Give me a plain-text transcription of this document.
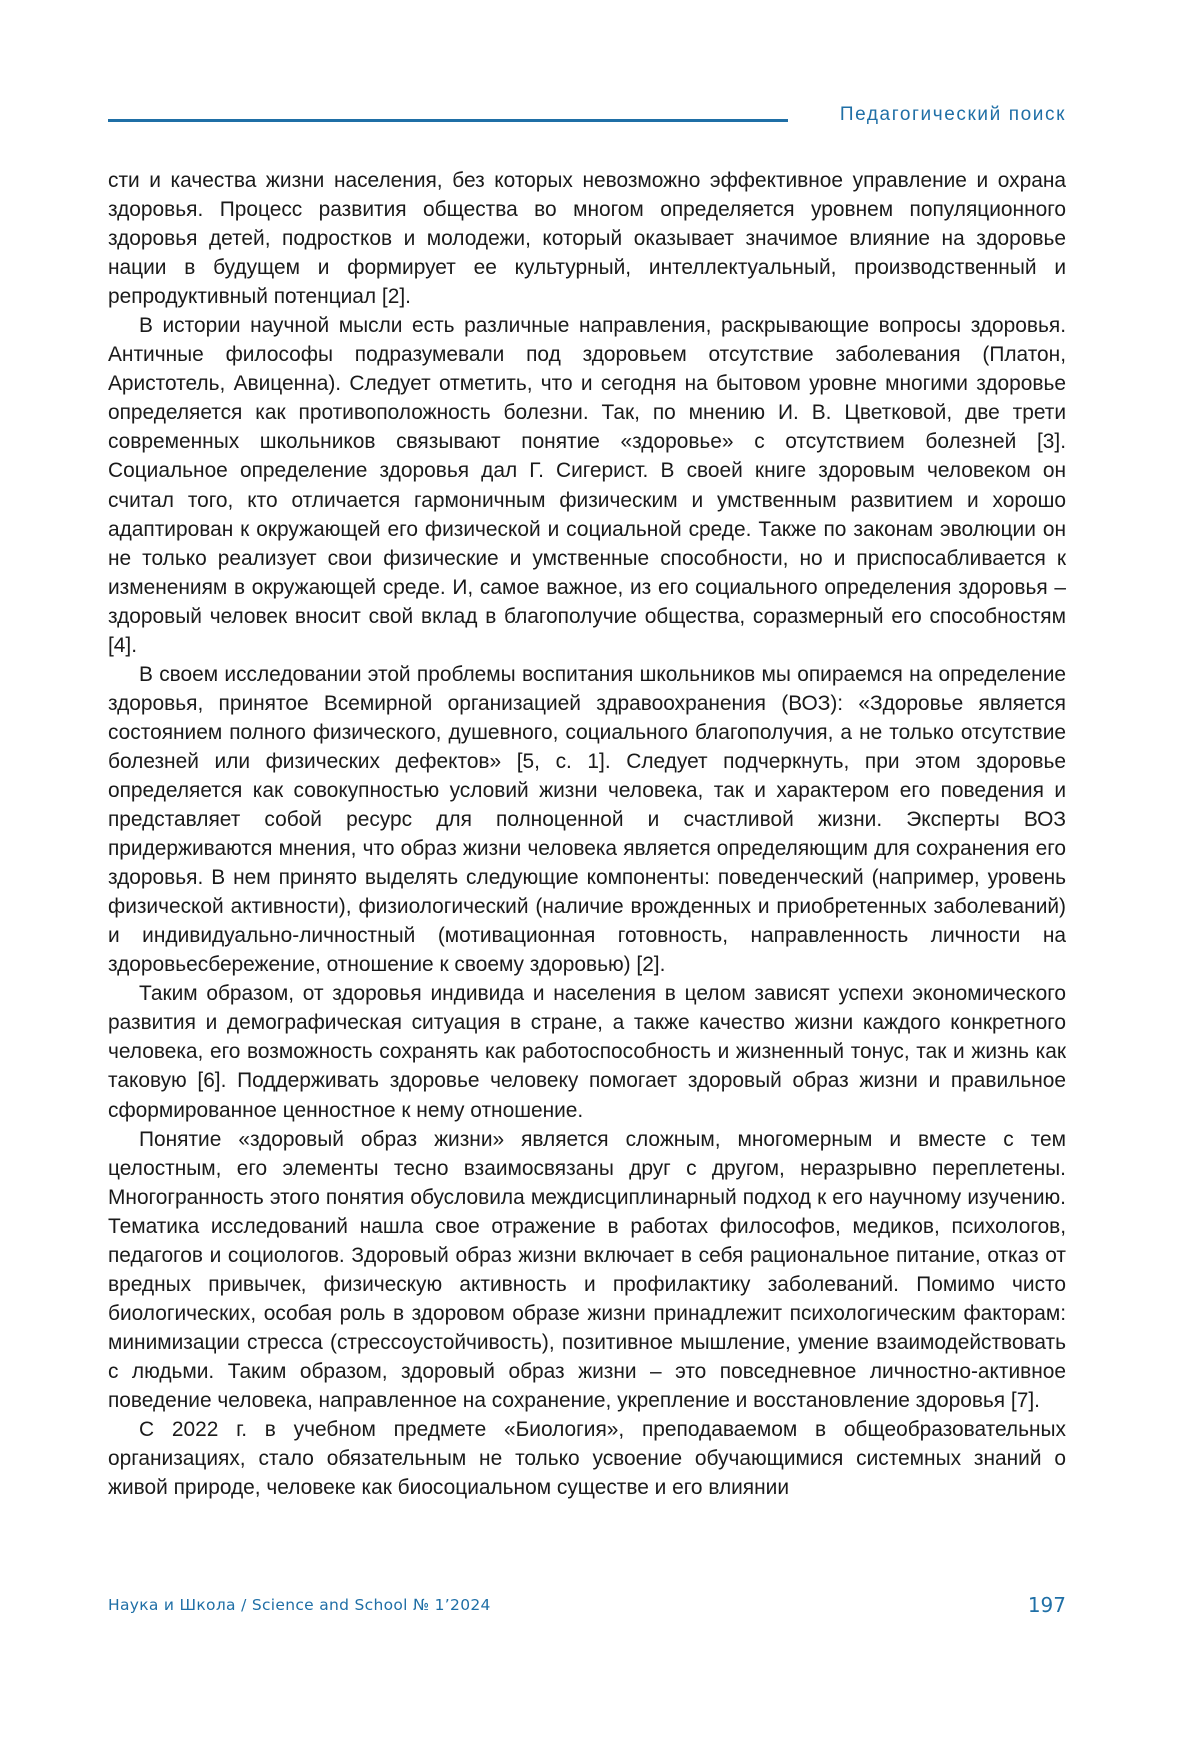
Педагогический поиск

сти и качества жизни населения, без которых невозможно эффективное управление и охрана здоровья. Процесс развития общества во многом определяется уровнем популяционного здоровья детей, подростков и молодежи, который оказывает значимое влияние на здоровье нации в будущем и формирует ее культурный, интеллектуальный, производственный и репродуктивный потенциал [2].

В истории научной мысли есть различные направления, раскрывающие вопросы здоровья. Античные философы подразумевали под здоровьем отсутствие заболевания (Платон, Аристотель, Авиценна). Следует отметить, что и сегодня на бытовом уровне многими здоровье определяется как противоположность болезни. Так, по мнению И. В. Цветковой, две трети современных школьников связывают понятие «здоровье» с отсутствием болезней [3]. Социальное определение здоровья дал Г. Сигерист. В своей книге здоровым человеком он считал того, кто отличается гармоничным физическим и умственным развитием и хорошо адаптирован к окружающей его физической и социальной среде. Также по законам эволюции он не только реализует свои физические и умственные способности, но и приспосабливается к изменениям в окружающей среде. И, самое важное, из его социального определения здоровья – здоровый человек вносит свой вклад в благополучие общества, соразмерный его способностям [4].

В своем исследовании этой проблемы воспитания школьников мы опираемся на определение здоровья, принятое Всемирной организацией здравоохранения (ВОЗ): «Здоровье является состоянием полного физического, душевного, социального благополучия, а не только отсутствие болезней или физических дефектов» [5, с. 1]. Следует подчеркнуть, при этом здоровье определяется как совокупностью условий жизни человека, так и характером его поведения и представляет собой ресурс для полноценной и счастливой жизни. Эксперты ВОЗ придерживаются мнения, что образ жизни человека является определяющим для сохранения его здоровья. В нем принято выделять следующие компоненты: поведенческий (например, уровень физической активности), физиологический (наличие врожденных и приобретенных заболеваний) и индивидуально-личностный (мотивационная готовность, направленность личности на здоровьесбережение, отношение к своему здоровью) [2].

Таким образом, от здоровья индивида и населения в целом зависят успехи экономического развития и демографическая ситуация в стране, а также качество жизни каждого конкретного человека, его возможность сохранять как работоспособность и жизненный тонус, так и жизнь как таковую [6]. Поддерживать здоровье человеку помогает здоровый образ жизни и правильное сформированное ценностное к нему отношение.

Понятие «здоровый образ жизни» является сложным, многомерным и вместе с тем целостным, его элементы тесно взаимосвязаны друг с другом, неразрывно переплетены. Многогранность этого понятия обусловила междисциплинарный подход к его научному изучению. Тематика исследований нашла свое отражение в работах философов, медиков, психологов, педагогов и социологов. Здоровый образ жизни включает в себя рациональное питание, отказ от вредных привычек, физическую активность и профилактику заболеваний. Помимо чисто биологических, особая роль в здоровом образе жизни принадлежит психологическим факторам: минимизации стресса (стрессоустойчивость), позитивное мышление, умение взаимодействовать с людьми. Таким образом, здоровый образ жизни – это повседневное личностно-активное поведение человека, направленное на сохранение, укрепление и восстановление здоровья [7].

С 2022 г. в учебном предмете «Биология», преподаваемом в общеобразовательных организациях, стало обязательным не только усвоение обучающимися системных знаний о живой природе, человеке как биосоциальном существе и его влиянии

Наука и Школа / Science and School № 1’2024	197
